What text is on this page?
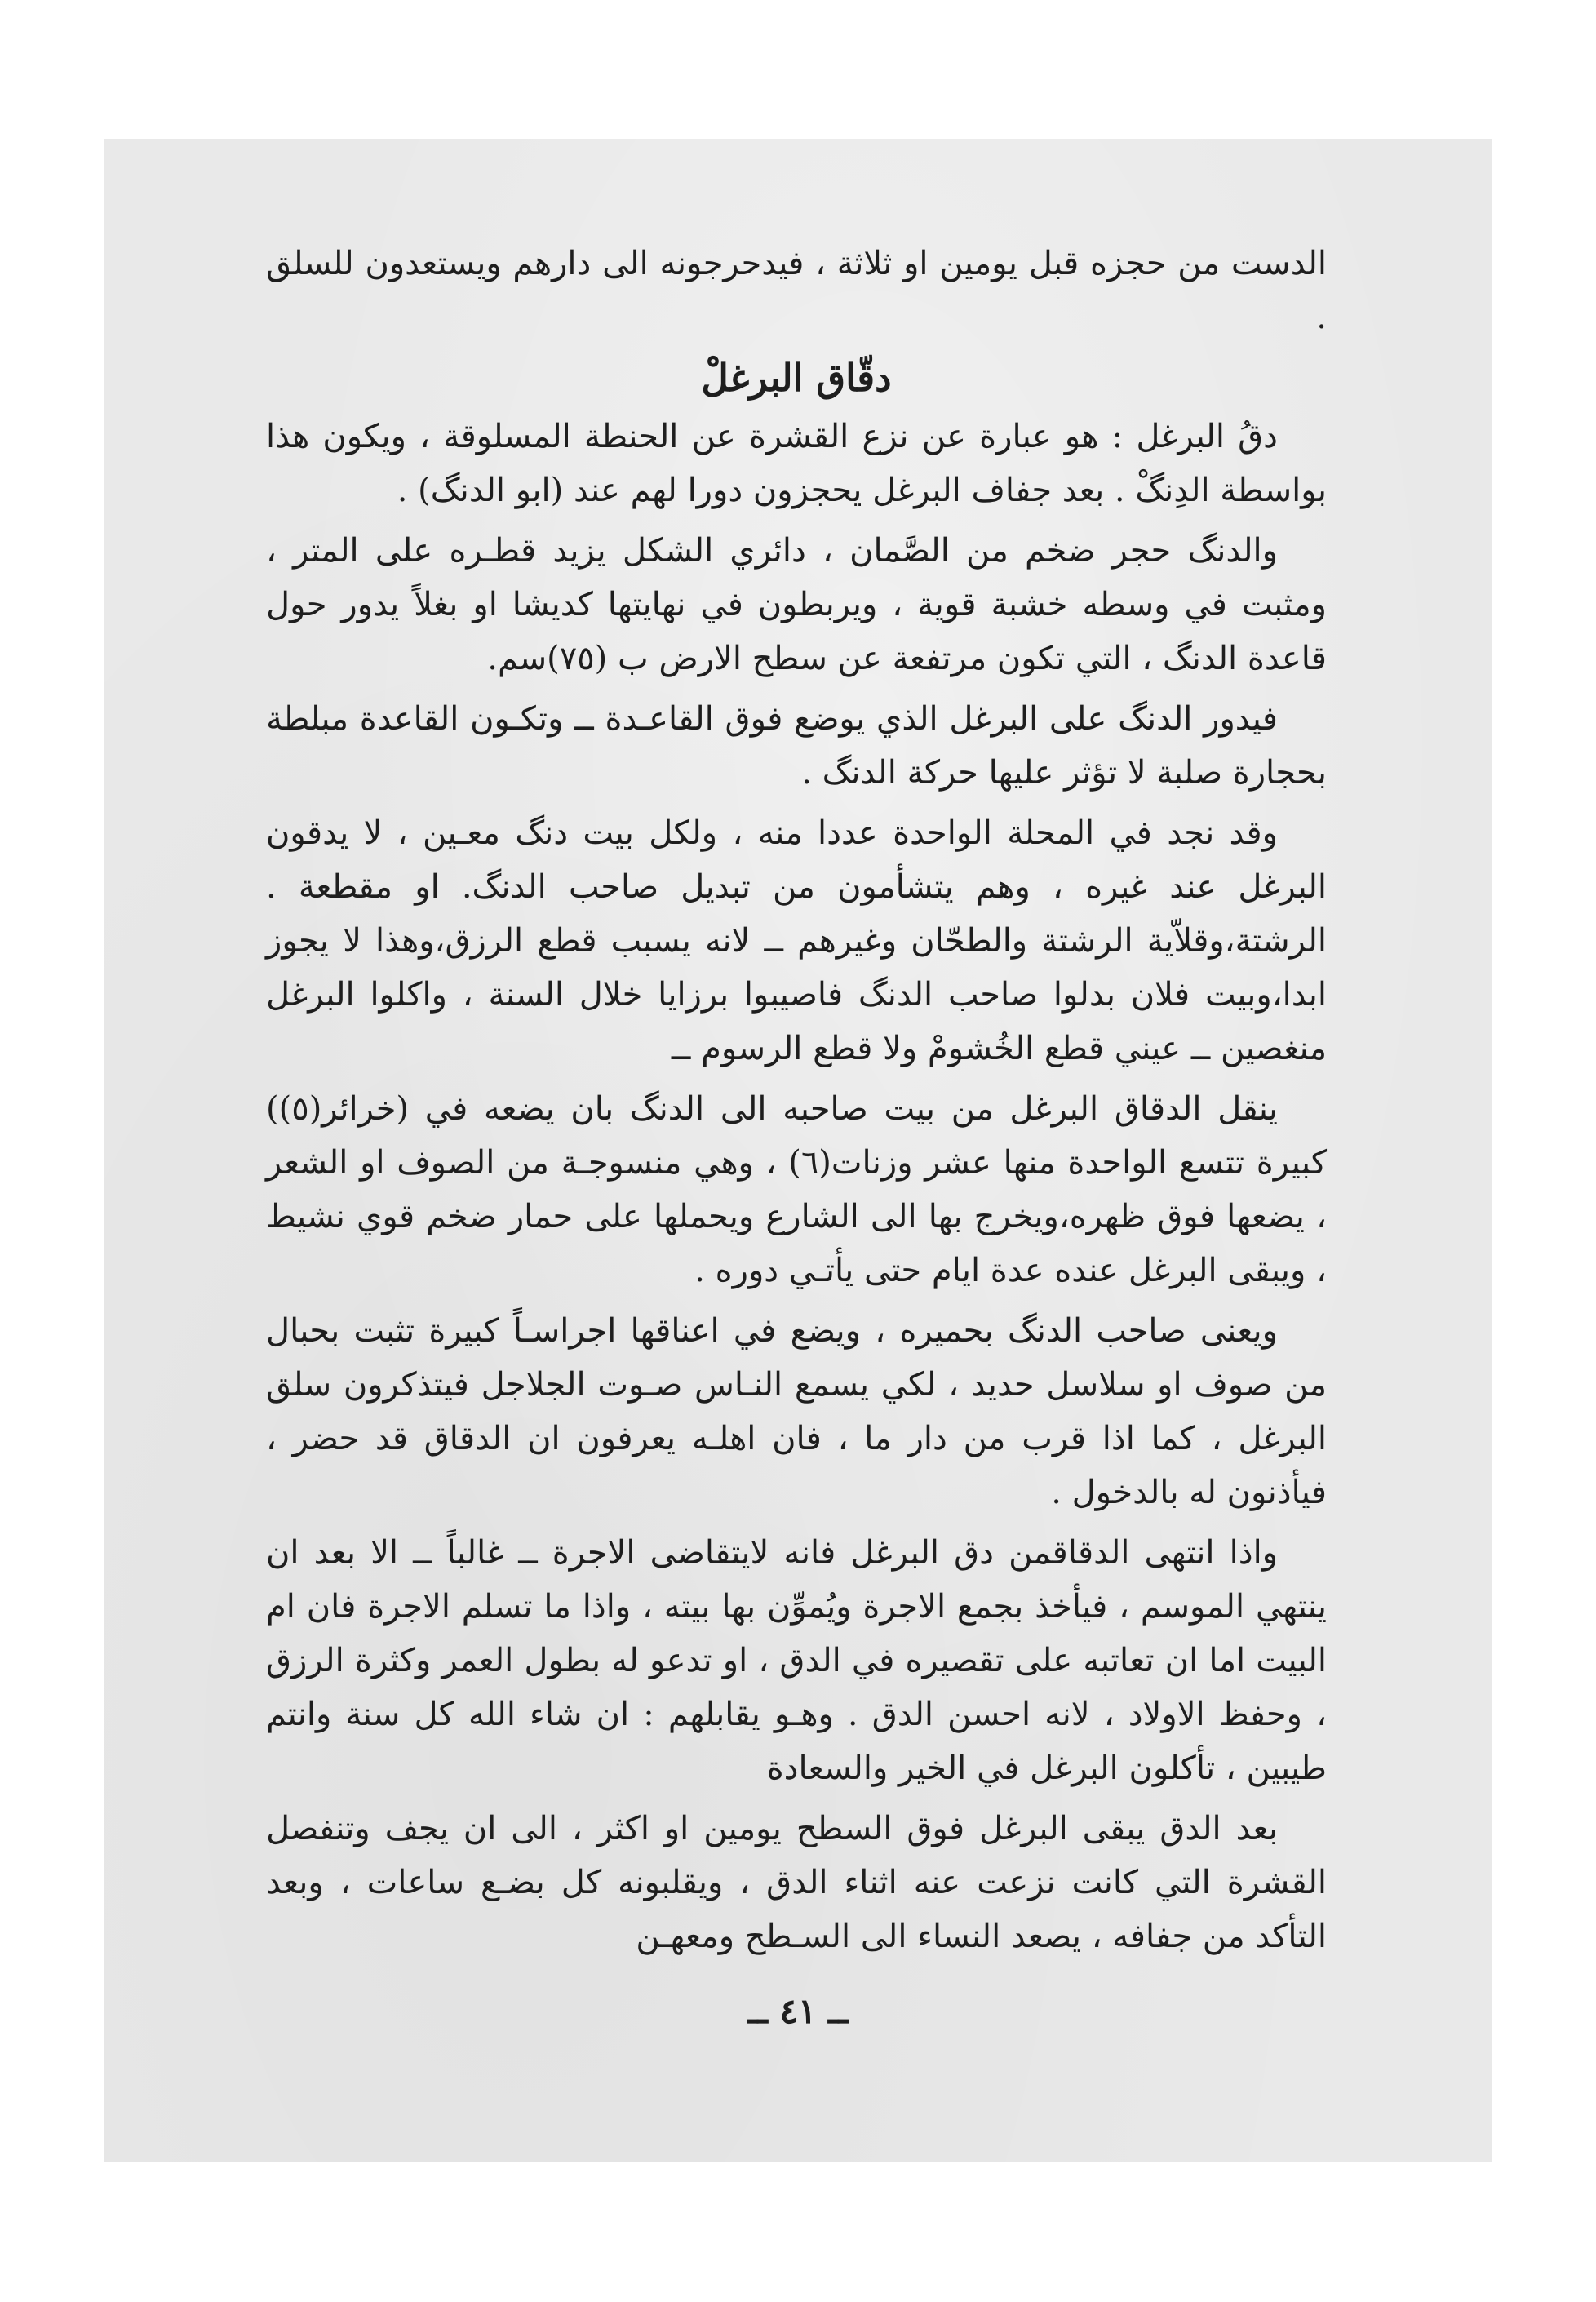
الدست من حجزه قبل يومين او ثلاثة ، فيدحرجونه الى دارهم ويستعدون للسلق .

دقّاق البرغلْ

دقُ البرغل : هو عبارة عن نزع القشرة عن الحنطة المسلوقة ، ويكون هذا بواسطة الدِنگْ . بعد جفاف البرغل يحجزون دورا لهم عند (ابو الدنگ) .

والدنگ حجر ضخم من الصَّمان ، دائري الشكل يزيد قطـره على المتر ، ومثبت في وسطه خشبة قوية ، ويربطون في نهايتها كديشا او بغلاً يدور حول قاعدة الدنگ ، التي تكون مرتفعة عن سطح الارض ب (٧٥)سم.

فيدور الدنگ على البرغل الذي يوضع فوق القاعـدة ــ وتكـون القاعدة مبلطة بحجارة صلبة لا تؤثر عليها حركة الدنگ .

وقد نجد في المحلة الواحدة عددا منه ، ولكل بيت دنگ معـين ، لا يدقون البرغل عند غيره ، وهم يتشأمون من تبديل صاحب الدنگ. او مقطعة . الرشتة،وقلاّية الرشتة والطحّان وغيرهم ــ لانه يسبب قطع الرزق،وهذا لا يجوز ابدا،وبيت فلان بدلوا صاحب الدنگ فاصيبوا برزايا خلال السنة ، واكلوا البرغل منغصين ــ عيني قطع الخُشومْ ولا قطع الرسوم ــ

ينقل الدقاق البرغل من بيت صاحبه الى الدنگ بان يضعه في (خرائر(٥)) كبيرة تتسع الواحدة منها عشر وزنات(٦) ، وهي منسوجـة من الصوف او الشعر ، يضعها فوق ظهره،ويخرج بها الى الشارع ويحملها على حمار ضخم قوي نشيط ، ويبقى البرغل عنده عدة ايام حتى يأتـي دوره .

ويعنى صاحب الدنگ بحميره ، ويضع في اعناقها اجراسـاً كبيرة تثبت بحبال من صوف او سلاسل حديد ، لكي يسمع النـاس صـوت الجلاجل فيتذكرون سلق البرغل ، كما اذا قرب من دار ما ، فان اهلـه يعرفون ان الدقاق قد حضر ، فيأذنون له بالدخول .

واذا انتهى الدقاقمن دق البرغل فانه لايتقاضى الاجرة ــ غالباً ــ الا بعد ان ينتهي الموسم ، فيأخذ بجمع الاجرة ويُموِّن بها بيته ، واذا ما تسلم الاجرة فان ام البيت اما ان تعاتبه على تقصيره في الدق ، او تدعو له بطول العمر وكثرة الرزق ، وحفظ الاولاد ، لانه احسن الدق . وهـو يقابلهم : ان شاء الله كل سنة وانتم طيبين ، تأكلون البرغل في الخير والسعادة

بعد الدق يبقى البرغل فوق السطح يومين او اكثر ، الى ان يجف وتنفصل القشرة التي كانت نزعت عنه اثناء الدق ، ويقلبونه كل بضـع ساعات ، وبعد التأكد من جفافه ، يصعد النساء الى السـطح ومعهـن

ــ ٤١ ــ
